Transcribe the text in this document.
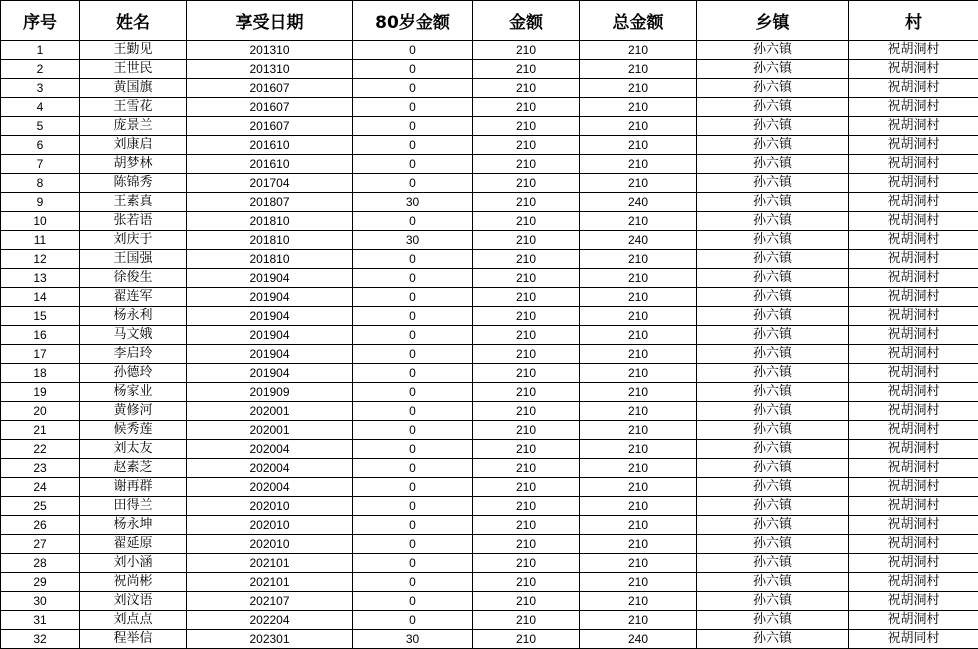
序号	姓名	享受日期	80岁金额	金额	总金额	乡镇	村
1	王勤见	201310	0	210	210	孙六镇	祝胡洞村
2	王世民	201310	0	210	210	孙六镇	祝胡洞村
3	黄国旗	201607	0	210	210	孙六镇	祝胡洞村
4	王雪花	201607	0	210	210	孙六镇	祝胡洞村
5	庞景兰	201607	0	210	210	孙六镇	祝胡洞村
6	刘康启	201610	0	210	210	孙六镇	祝胡洞村
7	胡梦林	201610	0	210	210	孙六镇	祝胡洞村
8	陈锦秀	201704	0	210	210	孙六镇	祝胡洞村
9	王素真	201807	30	210	240	孙六镇	祝胡洞村
10	张若语	201810	0	210	210	孙六镇	祝胡洞村
11	刘庆于	201810	30	210	240	孙六镇	祝胡洞村
12	王国强	201810	0	210	210	孙六镇	祝胡洞村
13	徐俊生	201904	0	210	210	孙六镇	祝胡洞村
14	翟连军	201904	0	210	210	孙六镇	祝胡洞村
15	杨永利	201904	0	210	210	孙六镇	祝胡洞村
16	马文娥	201904	0	210	210	孙六镇	祝胡洞村
17	李启玲	201904	0	210	210	孙六镇	祝胡洞村
18	孙德玲	201904	0	210	210	孙六镇	祝胡洞村
19	杨家业	201909	0	210	210	孙六镇	祝胡洞村
20	黄修河	202001	0	210	210	孙六镇	祝胡洞村
21	候秀莲	202001	0	210	210	孙六镇	祝胡洞村
22	刘太友	202004	0	210	210	孙六镇	祝胡洞村
23	赵素芝	202004	0	210	210	孙六镇	祝胡洞村
24	谢再群	202004	0	210	210	孙六镇	祝胡洞村
25	田得兰	202010	0	210	210	孙六镇	祝胡洞村
26	杨永坤	202010	0	210	210	孙六镇	祝胡洞村
27	翟延原	202010	0	210	210	孙六镇	祝胡洞村
28	刘小涵	202101	0	210	210	孙六镇	祝胡洞村
29	祝尚彬	202101	0	210	210	孙六镇	祝胡洞村
30	刘汶语	202107	0	210	210	孙六镇	祝胡洞村
31	刘点点	202204	0	210	210	孙六镇	祝胡洞村
32	程举信	202301	30	210	240	孙六镇	祝胡同村
